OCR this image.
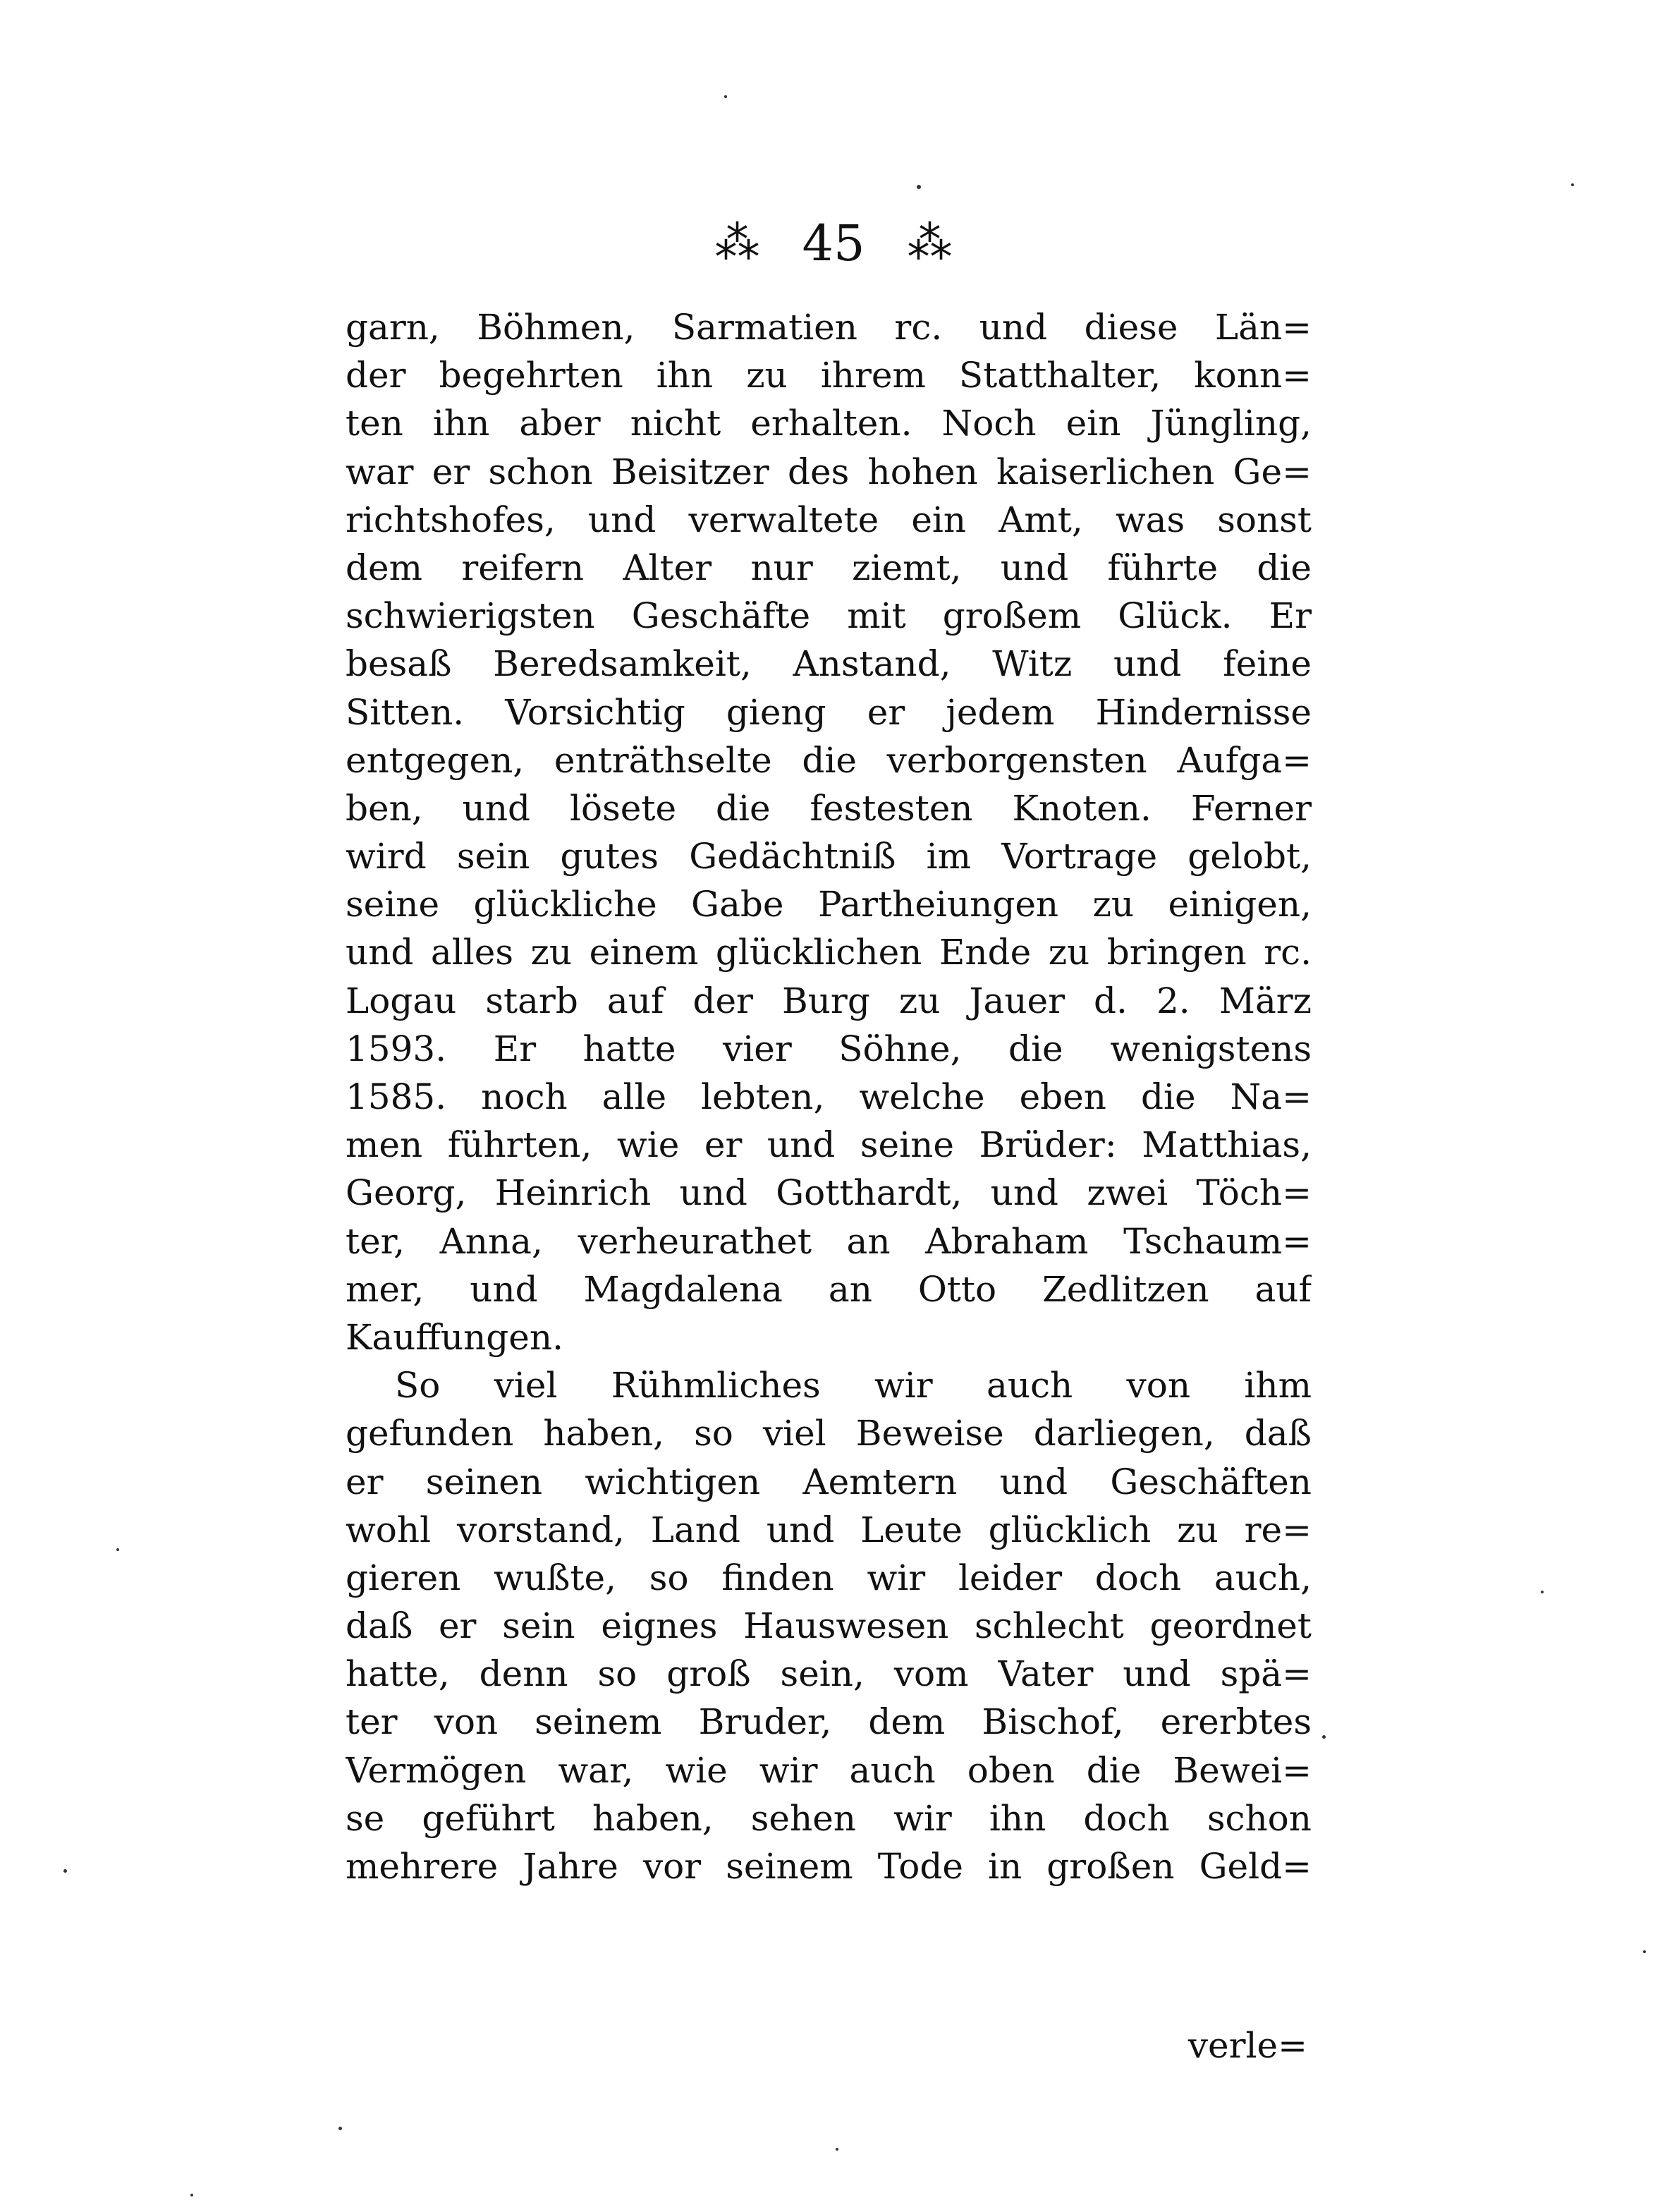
⁂ 45 ⁂
garn, Böhmen, Sarmatien rc. und diese Län=
der begehrten ihn zu ihrem Statthalter, konn=
ten ihn aber nicht erhalten. Noch ein Jüngling,
war er schon Beisitzer des hohen kaiserlichen Ge=
richtshofes, und verwaltete ein Amt, was sonst
dem reifern Alter nur ziemt, und führte die
schwierigsten Geschäfte mit großem Glück. Er
besaß Beredsamkeit, Anstand, Witz und feine
Sitten. Vorsichtig gieng er jedem Hindernisse
entgegen, enträthselte die verborgensten Aufga=
ben, und lösete die festesten Knoten. Ferner
wird sein gutes Gedächtniß im Vortrage gelobt,
seine glückliche Gabe Partheiungen zu einigen,
und alles zu einem glücklichen Ende zu bringen rc.
Logau starb auf der Burg zu Jauer d. 2. März
1593. Er hatte vier Söhne, die wenigstens
1585. noch alle lebten, welche eben die Na=
men führten, wie er und seine Brüder: Matthias,
Georg, Heinrich und Gotthardt, und zwei Töch=
ter, Anna, verheurathet an Abraham Tschaum=
mer, und Magdalena an Otto Zedlitzen auf
Kauffungen.
So viel Rühmliches wir auch von ihm
gefunden haben, so viel Beweise darliegen, daß
er seinen wichtigen Aemtern und Geschäften
wohl vorstand, Land und Leute glücklich zu re=
gieren wußte, so finden wir leider doch auch,
daß er sein eignes Hauswesen schlecht geordnet
hatte, denn so groß sein, vom Vater und spä=
ter von seinem Bruder, dem Bischof, ererbtes
Vermögen war, wie wir auch oben die Bewei=
se geführt haben, sehen wir ihn doch schon
mehrere Jahre vor seinem Tode in großen Geld=
verle=
